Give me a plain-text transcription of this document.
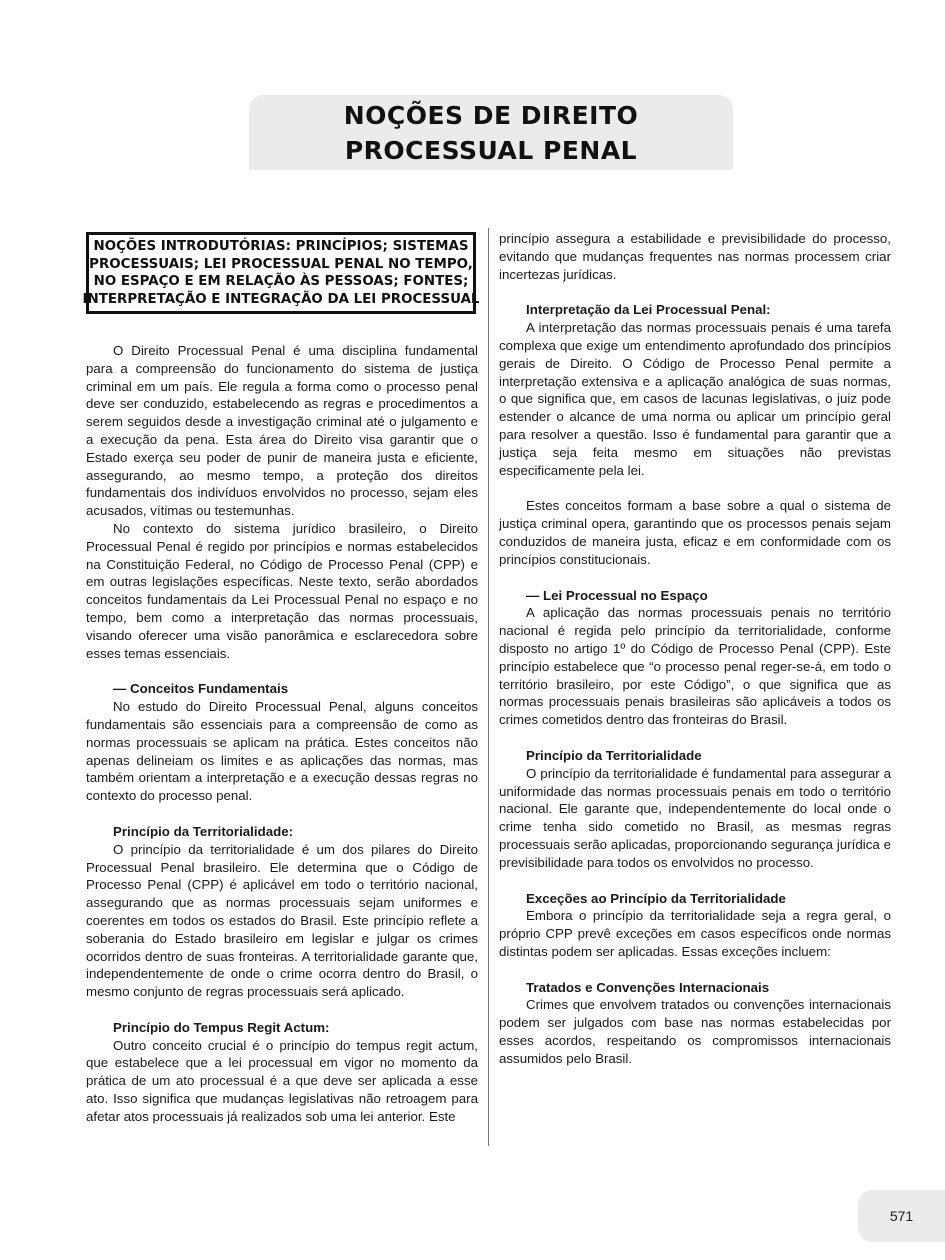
NOÇÕES DE DIREITO
PROCESSUAL PENAL
NOÇÕES INTRODUTÓRIAS: PRINCÍPIOS; SISTEMAS
PROCESSUAIS; LEI PROCESSUAL PENAL NO TEMPO,
NO ESPAÇO E EM RELAÇÃO ÀS PESSOAS; FONTES;
INTERPRETAÇÃO E INTEGRAÇÃO DA LEI PROCESSUAL

O Direito Processual Penal é uma disciplina fundamental para a compreensão do funcionamento do sistema de justiça criminal em um país. Ele regula a forma como o processo penal deve ser conduzido, estabelecendo as regras e procedimentos a serem seguidos desde a investigação criminal até o julgamento e a execução da pena. Esta área do Direito visa garantir que o Estado exerça seu poder de punir de maneira justa e eficiente, assegurando, ao mesmo tempo, a proteção dos direitos fundamentais dos indivíduos envolvidos no processo, sejam eles acusados, vítimas ou testemunhas.

No contexto do sistema jurídico brasileiro, o Direito Processual Penal é regido por princípios e normas estabelecidos na Constituição Federal, no Código de Processo Penal (CPP) e em outras legislações específicas. Neste texto, serão abordados conceitos fundamentais da Lei Processual Penal no espaço e no tempo, bem como a interpretação das normas processuais, visando oferecer uma visão panorâmica e esclarecedora sobre esses temas essenciais.

— Conceitos Fundamentais

No estudo do Direito Processual Penal, alguns conceitos fundamentais são essenciais para a compreensão de como as normas processuais se aplicam na prática. Estes conceitos não apenas delineiam os limites e as aplicações das normas, mas também orientam a interpretação e a execução dessas regras no contexto do processo penal.

Princípio da Territorialidade:

O princípio da territorialidade é um dos pilares do Direito Processual Penal brasileiro. Ele determina que o Código de Processo Penal (CPP) é aplicável em todo o território nacional, assegurando que as normas processuais sejam uniformes e coerentes em todos os estados do Brasil. Este princípio reflete a soberania do Estado brasileiro em legislar e julgar os crimes ocorridos dentro de suas fronteiras. A territorialidade garante que, independentemente de onde o crime ocorra dentro do Brasil, o mesmo conjunto de regras processuais será aplicado.

Princípio do Tempus Regit Actum:

Outro conceito crucial é o princípio do tempus regit actum, que estabelece que a lei processual em vigor no momento da prática de um ato processual é a que deve ser aplicada a esse ato. Isso significa que mudanças legislativas não retroagem para afetar atos processuais já realizados sob uma lei anterior. Este

princípio assegura a estabilidade e previsibilidade do processo, evitando que mudanças frequentes nas normas processem criar incertezas jurídicas.

Interpretação da Lei Processual Penal:

A interpretação das normas processuais penais é uma tarefa complexa que exige um entendimento aprofundado dos princípios gerais de Direito. O Código de Processo Penal permite a interpretação extensiva e a aplicação analógica de suas normas, o que significa que, em casos de lacunas legislativas, o juiz pode estender o alcance de uma norma ou aplicar um princípio geral para resolver a questão. Isso é fundamental para garantir que a justiça seja feita mesmo em situações não previstas especificamente pela lei.

Estes conceitos formam a base sobre a qual o sistema de justiça criminal opera, garantindo que os processos penais sejam conduzidos de maneira justa, eficaz e em conformidade com os princípios constitucionais.

— Lei Processual no Espaço

A aplicação das normas processuais penais no território nacional é regida pelo princípio da territorialidade, conforme disposto no artigo 1º do Código de Processo Penal (CPP). Este princípio estabelece que “o processo penal reger-se-á, em todo o território brasileiro, por este Código”, o que significa que as normas processuais penais brasileiras são aplicáveis a todos os crimes cometidos dentro das fronteiras do Brasil.

Princípio da Territorialidade

O princípio da territorialidade é fundamental para assegurar a uniformidade das normas processuais penais em todo o território nacional. Ele garante que, independentemente do local onde o crime tenha sido cometido no Brasil, as mesmas regras processuais serão aplicadas, proporcionando segurança jurídica e previsibilidade para todos os envolvidos no processo.

Exceções ao Princípio da Territorialidade

Embora o princípio da territorialidade seja a regra geral, o próprio CPP prevê exceções em casos específicos onde normas distintas podem ser aplicadas. Essas exceções incluem:

Tratados e Convenções Internacionais

Crimes que envolvem tratados ou convenções internacionais podem ser julgados com base nas normas estabelecidas por esses acordos, respeitando os compromissos internacionais assumidos pelo Brasil.

571
